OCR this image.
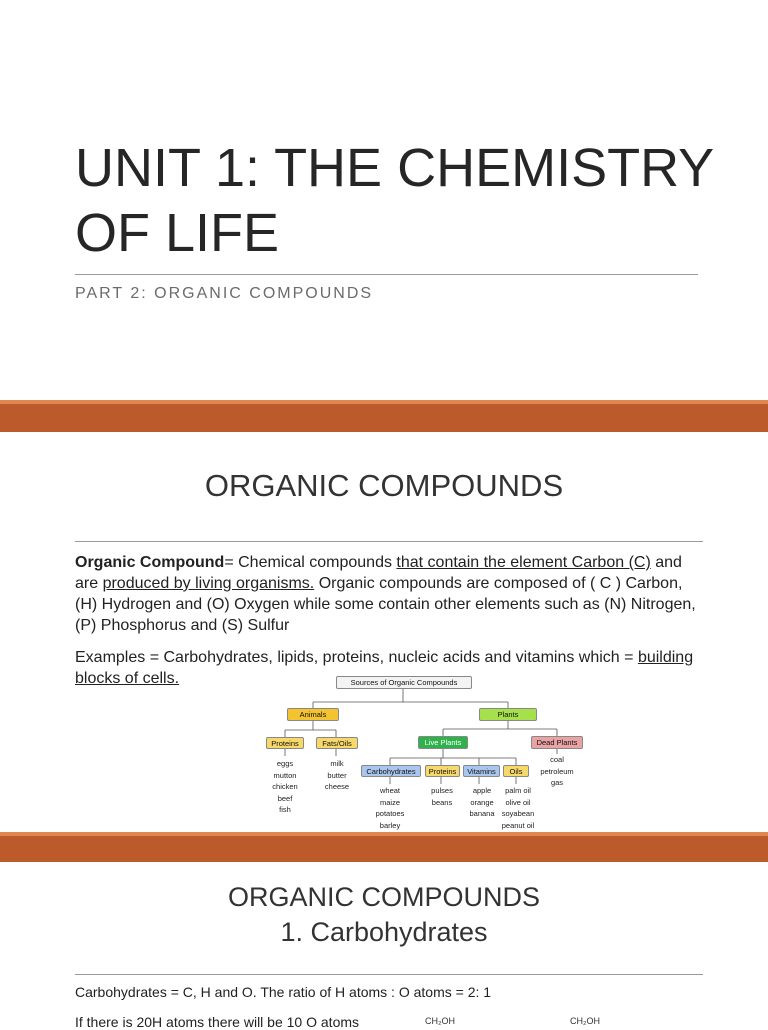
UNIT 1: THE CHEMISTRY OF LIFE
PART 2: ORGANIC COMPOUNDS
ORGANIC COMPOUNDS

Organic Compound= Chemical compounds that contain the element Carbon (C) and are produced by living organisms. Organic compounds are composed of ( C ) Carbon, (H) Hydrogen and (O) Oxygen while some contain other elements such as (N) Nitrogen, (P) Phosphorus and (S) Sulfur

Examples = Carbohydrates, lipids, proteins, nucleic acids and vitamins which = building blocks of cells.	Sources of Organic Compounds
Animals	Plants
Proteins	Fats/Oils	Live Plants	Dead Plants
Carbohydrates	Proteins	Vitamins	Oils
eggs
mutton
chicken
beef
fish
milk
butter
cheese
coal
petroleum
gas
wheat
maize
potatoes
barley
pulses
beans
apple
orange
banana
palm oil
olive oil
soyabean
peanut oil
ORGANIC COMPOUNDS
1. Carbohydrates
Carbohydrates = C, H and O. The ratio of H atoms : O atoms = 2: 1
If there is 20H atoms there will be 10 O atoms	CH₂OH	CH₂OH
